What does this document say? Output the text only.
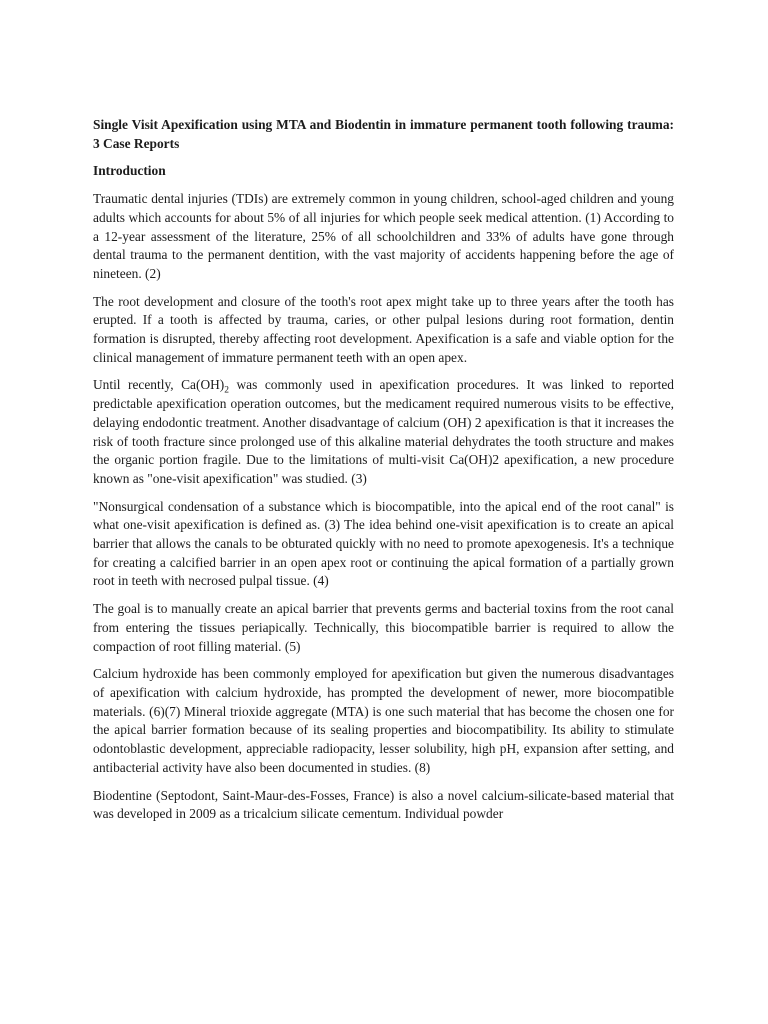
Single Visit Apexification using MTA and Biodentin in immature permanent tooth following trauma: 3 Case Reports
Introduction

Traumatic dental injuries (TDIs) are extremely common in young children, school-aged children and young adults which accounts for about 5% of all injuries for which people seek medical attention. (1) According to a 12-year assessment of the literature, 25% of all schoolchildren and 33% of adults have gone through dental trauma to the permanent dentition, with the vast majority of accidents happening before the age of nineteen. (2)

The root development and closure of the tooth's root apex might take up to three years after the tooth has erupted. If a tooth is affected by trauma, caries, or other pulpal lesions during root formation, dentin formation is disrupted, thereby affecting root development. Apexification is a safe and viable option for the clinical management of immature permanent teeth with an open apex.

Until recently, $Ca(OH)_2$ was commonly used in apexification procedures. It was linked to reported predictable apexification operation outcomes, but the medicament required numerous visits to be effective, delaying endodontic treatment. Another disadvantage of calcium (OH) 2 apexification is that it increases the risk of tooth fracture since prolonged use of this alkaline material dehydrates the tooth structure and makes the organic portion fragile. Due to the limitations of multi-visit Ca(OH)2 apexification, a new procedure known as "one-visit apexification" was studied. (3)

"Nonsurgical condensation of a substance which is biocompatible, into the apical end of the root canal" is what one-visit apexification is defined as. (3) The idea behind one-visit apexification is to create an apical barrier that allows the canals to be obturated quickly with no need to promote apexogenesis. It's a technique for creating a calcified barrier in an open apex root or continuing the apical formation of a partially grown root in teeth with necrosed pulpal tissue. (4)

The goal is to manually create an apical barrier that prevents germs and bacterial toxins from the root canal from entering the tissues periapically. Technically, this biocompatible barrier is required to allow the compaction of root filling material. (5)

Calcium hydroxide has been commonly employed for apexification but given the numerous disadvantages of apexification with calcium hydroxide, has prompted the development of newer, more biocompatible materials. (6)(7) Mineral trioxide aggregate (MTA) is one such material that has become the chosen one for the apical barrier formation because of its sealing properties and biocompatibility. Its ability to stimulate odontoblastic development, appreciable radiopacity, lesser solubility, high pH, expansion after setting, and antibacterial activity have also been documented in studies. (8)

Biodentine (Septodont, Saint-Maur-des-Fosses, France) is also a novel calcium-silicate-based material that was developed in 2009 as a tricalcium silicate cementum. Individual powder
